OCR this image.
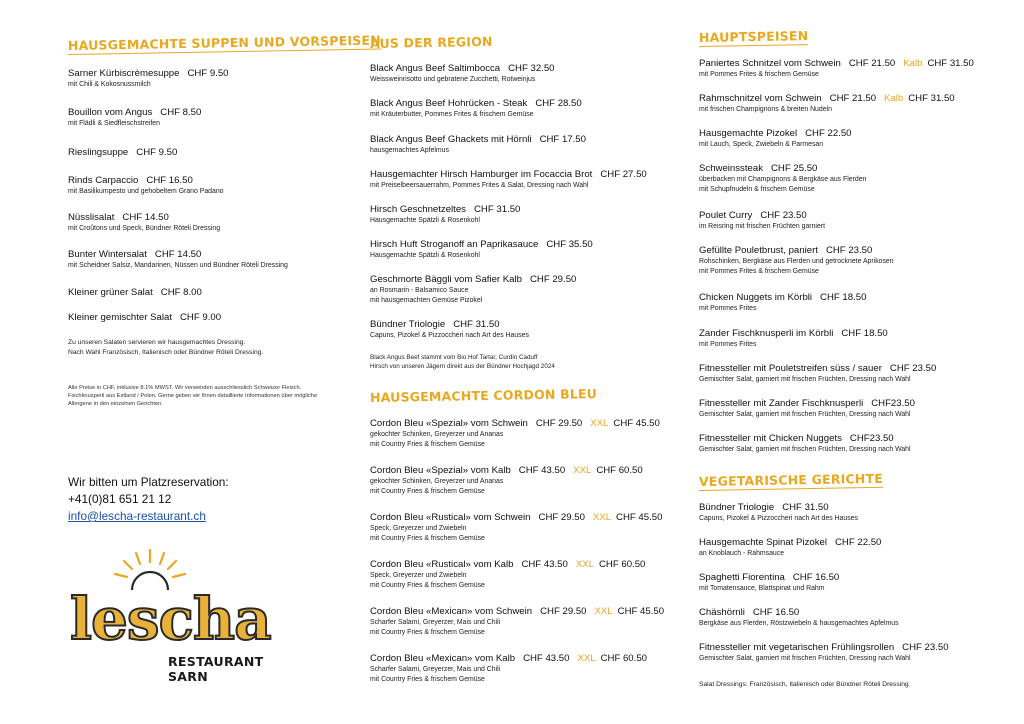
HAUSGEMACHTE SUPPEN UND VORSPEISEN
Sarner Kürbiscrèmesuppe CHF 9.50
mit Chili & Kokosnussmilch
Bouillon vom Angus CHF 8.50
mit Flädli & Siedfleischstreifen
Rieslingsuppe CHF 9.50
Rinds Carpaccio CHF 16.50
mit Basilikumpesto und gehobeltem Grano Padano
Nüsslisalat CHF 14.50
mit Croûtons und Speck, Bündner Röteli Dressing
Bunter Wintersalat CHF 14.50
mit Scheidner Salsiz, Mandarinen, Nüssen und Bündner Röteli Dressing
Kleiner grüner Salat CHF 8.00
Kleiner gemischter Salat CHF 9.00
Zu unseren Salaten servieren wir hausgemachtes Dressing.
Nach Wahl Französisch, Italienisch oder Bündner Röteli Dressing.
Alle Preise in CHF, inklusive 8.1% MWST. Wir verwenden ausschliesslich Schweizer Fleisch. Fischknusperli aus Estland / Polen. Gerne geben wir Ihnen detaillierte Informationen über mögliche Allergene in den einzelnen Gerichten.
Wir bitten um Platzreservation:
+41(0)81 651 21 12
info@lescha-restaurant.ch
lescha
RESTAURANT SARN
AUS DER REGION
Black Angus Beef Saltimbocca CHF 32.50
Weissweinrisotto und gebratene Zucchetti, Rotweinjus
Black Angus Beef Hohrücken - Steak CHF 28.50
mit Kräuterbutter, Pommes Frites & frischem Gemüse
Black Angus Beef Ghackets mit Hörnli CHF 17.50
hausgemachtes Apfelmus
Hausgemachter Hirsch Hamburger im Focaccia Brot CHF 27.50
mit Preiselbeersauerrahm, Pommes Frites & Salat, Dressing nach Wahl
Hirsch Geschnetzeltes CHF 31.50
Hausgemachte Spätzli & Rosenkohl
Hirsch Huft Stroganoff an Paprikasauce CHF 35.50
Hausgemachte Spätzli & Rosenkohl
Geschmorte Bäggli vom Safier Kalb CHF 29.50
an Rosmarin - Balsamico Sauce
mit hausgemachten Gemüse Pizokel
Bündner Triologie CHF 31.50
Capuns, Pizokel & Pizzoccheri nach Art des Hauses
Black Angus Beef stammt vom Bio Hof Tartar, Curdin Caduff
Hirsch von unseren Jägern direkt aus der Bündner Hochjagd 2024
HAUSGEMACHTE CORDON BLEU
Cordon Bleu «Spezial» vom Schwein CHF 29.50 XXL CHF 45.50
gekochter Schinken, Greyerzer und Ananas
mit Country Fries & frischem Gemüse
Cordon Bleu «Spezial» vom Kalb CHF 43.50 XXL CHF 60.50
gekochter Schinken, Greyerzer und Ananas
mit Country Fries & frischem Gemüse
Cordon Bleu «Rustical» vom Schwein CHF 29.50 XXL CHF 45.50
Speck, Greyerzer und Zwiebeln
mit Country Fries & frischem Gemüse
Cordon Bleu «Rustical» vom Kalb CHF 43.50 XXL CHF 60.50
Speck, Greyerzer und Zwiebeln
mit Country Fries & frischem Gemüse
Cordon Bleu «Mexican» vom Schwein CHF 29.50 XXL CHF 45.50
Scharfer Salami, Greyerzer, Mais und Chili
mit Country Fries & frischem Gemüse
Cordon Bleu «Mexican» vom Kalb CHF 43.50 XXL CHF 60.50
Scharfer Salami, Greyerzer, Mais und Chili
mit Country Fries & frischem Gemüse
HAUPTSPEISEN
Paniertes Schnitzel vom Schwein CHF 21.50 Kalb CHF 31.50
mit Pommes Frites & frischem Gemüse
Rahmschnitzel vom Schwein CHF 21.50 Kalb CHF 31.50
mit frischen Champignons & breiten Nudeln
Hausgemachte Pizokel CHF 22.50
mit Lauch, Speck, Zwiebeln & Parmesan
Schweinssteak CHF 25.50
überbacken mit Champignons & Bergkäse aus Flerden
mit Schupfnudeln & frischem Gemüse
Poulet Curry CHF 23.50
im Reisring mit frischen Früchten garniert
Gefüllte Pouletbrust, paniert CHF 23.50
Rohschinken, Bergkäse aus Flerden und getrocknete Aprikosen
mit Pommes Frites & frischem Gemüse
Chicken Nuggets im Körbli CHF 18.50
mit Pommes Frites
Zander Fischknusperli im Körbli CHF 18.50
mit Pommes Frites
Fitnessteller mit Pouletstreifen süss / sauer CHF 23.50
Gemischter Salat, garniert mit frischen Früchten, Dressing nach Wahl
Fitnessteller mit Zander Fischknusperli CHF23.50
Gemischter Salat, garniert mit frischen Früchten, Dressing nach Wahl
Fitnessteller mit Chicken Nuggets CHF23.50
Gemischter Salat, garniert mit frischen Früchten, Dressing nach Wahl
VEGETARISCHE GERICHTE
Bündner Triologie CHF 31.50
Capuns, Pizokel & Pizzoccheri nach Art des Hauses
Hausgemachte Spinat Pizokel CHF 22.50
an Knoblauch - Rahmsauce
Spaghetti Fiorentina CHF 16.50
mit Tomatensauce, Blattspinat und Rahm
Chäshörnli CHF 16.50
Bergkäse aus Flerden, Röstzwiebeln & hausgemachtes Apfelmus
Fitnessteller mit vegetarischen Frühlingsrollen CHF 23.50
Gemischter Salat, garniert mit frischen Früchten, Dressing nach Wahl
Salat Dressings: Französisch, Italienisch oder Bündner Röteli Dressing
